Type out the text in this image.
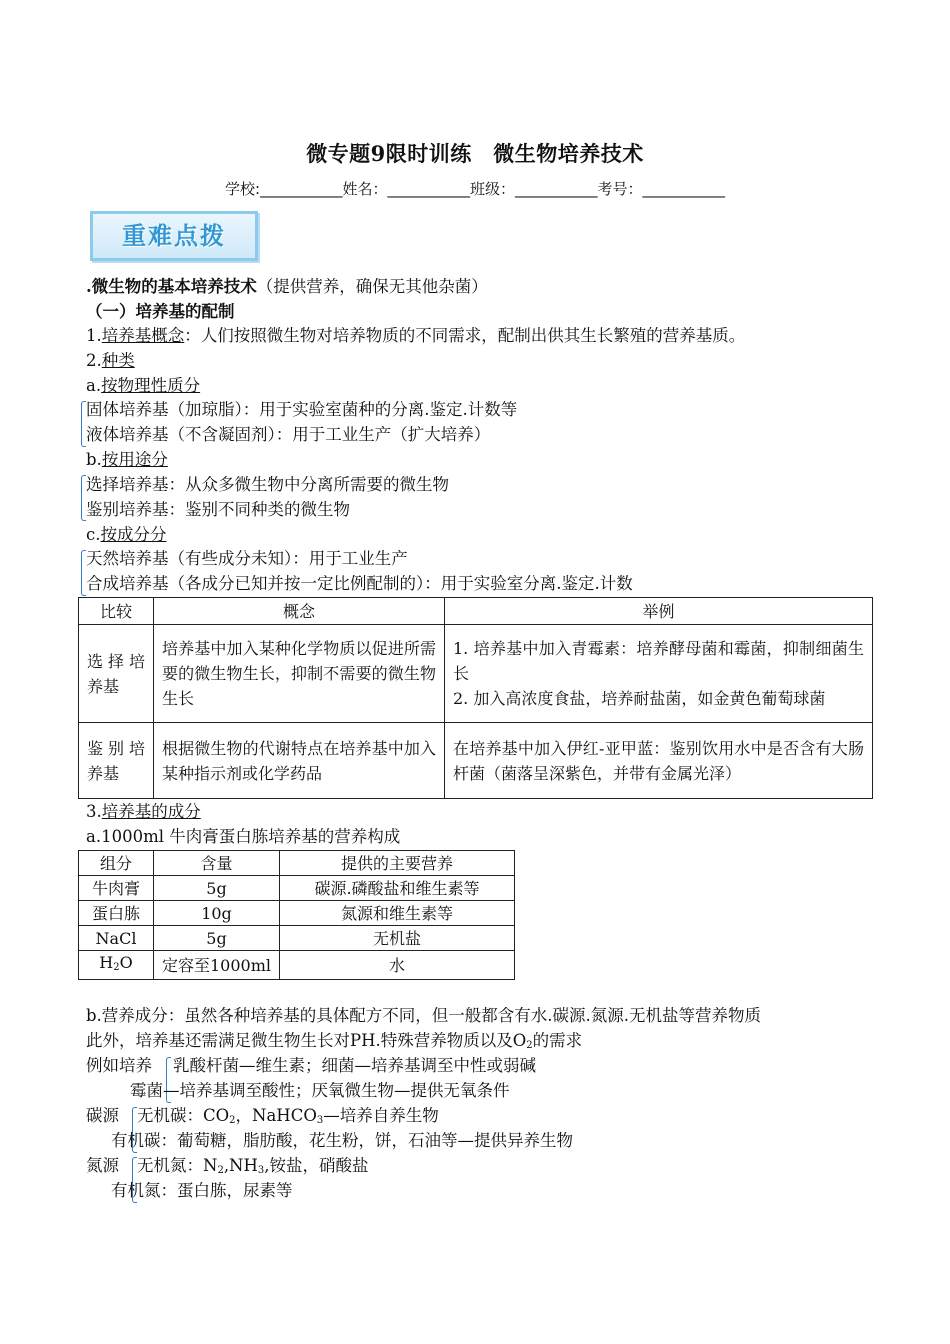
微专题9限时训练　微生物培养技术
学校:___________姓名：___________班级：___________考号：___________
重难点拨
.微生物的基本培养技术（提供营养，确保无其他杂菌）
（一）培养基的配制
1.培养基概念：人们按照微生物对培养物质的不同需求，配制出供其生长繁殖的营养基质。
2.种类
a.按物理性质分
固体培养基（加琼脂）：用于实验室菌种的分离.鉴定.计数等
液体培养基（不含凝固剂）：用于工业生产（扩大培养）
b.按用途分
选择培养基：从众多微生物中分离所需要的微生物
鉴别培养基：鉴别不同种类的微生物
c.按成分分
天然培养基（有些成分未知）：用于工业生产
合成培养基（各成分已知并按一定比例配制的）：用于实验室分离.鉴定.计数
比较	概念	举例
选择培养基	培养基中加入某种化学物质以促进所需要的微生物生长，抑制不需要的微生物生长	1. 培养基中加入青霉素：培养酵母菌和霉菌，抑制细菌生长
2. 加入高浓度食盐，培养耐盐菌，如金黄色葡萄球菌

鉴别培养基	根据微生物的代谢特点在培养基中加入某种指示剂或化学药品	在培养基中加入伊红-亚甲蓝：鉴别饮用水中是否含有大肠杆菌（菌落呈深紫色，并带有金属光泽）
3.培养基的成分
a.1000ml 牛肉膏蛋白胨培养基的营养构成
组分	含量	提供的主要营养
牛肉膏	5g	碳源.磷酸盐和维生素等
蛋白胨	10g	氮源和维生素等
NaCl	5g	无机盐
$H_2O$	定容至1000ml	水
b.营养成分：虽然各种培养基的具体配方不同，但一般都含有水.碳源.氮源.无机盐等营养物质
此外，培养基还需满足微生物生长对PH.特殊营养物质以及$O_2$的需求
例如培养 乳酸杆菌—维生素；细菌—培养基调至中性或弱碱
霉菌—培养基调至酸性；厌氧微生物—提供无氧条件
碳源 无机碳：$CO_2$，NaHCO$_3$—培养自养生物
有机碳：葡萄糖，脂肪酸，花生粉，饼，石油等—提供异养生物
氮源 无机氮：$N_2,NH_3$,铵盐，硝酸盐
有机氮：蛋白胨，尿素等
